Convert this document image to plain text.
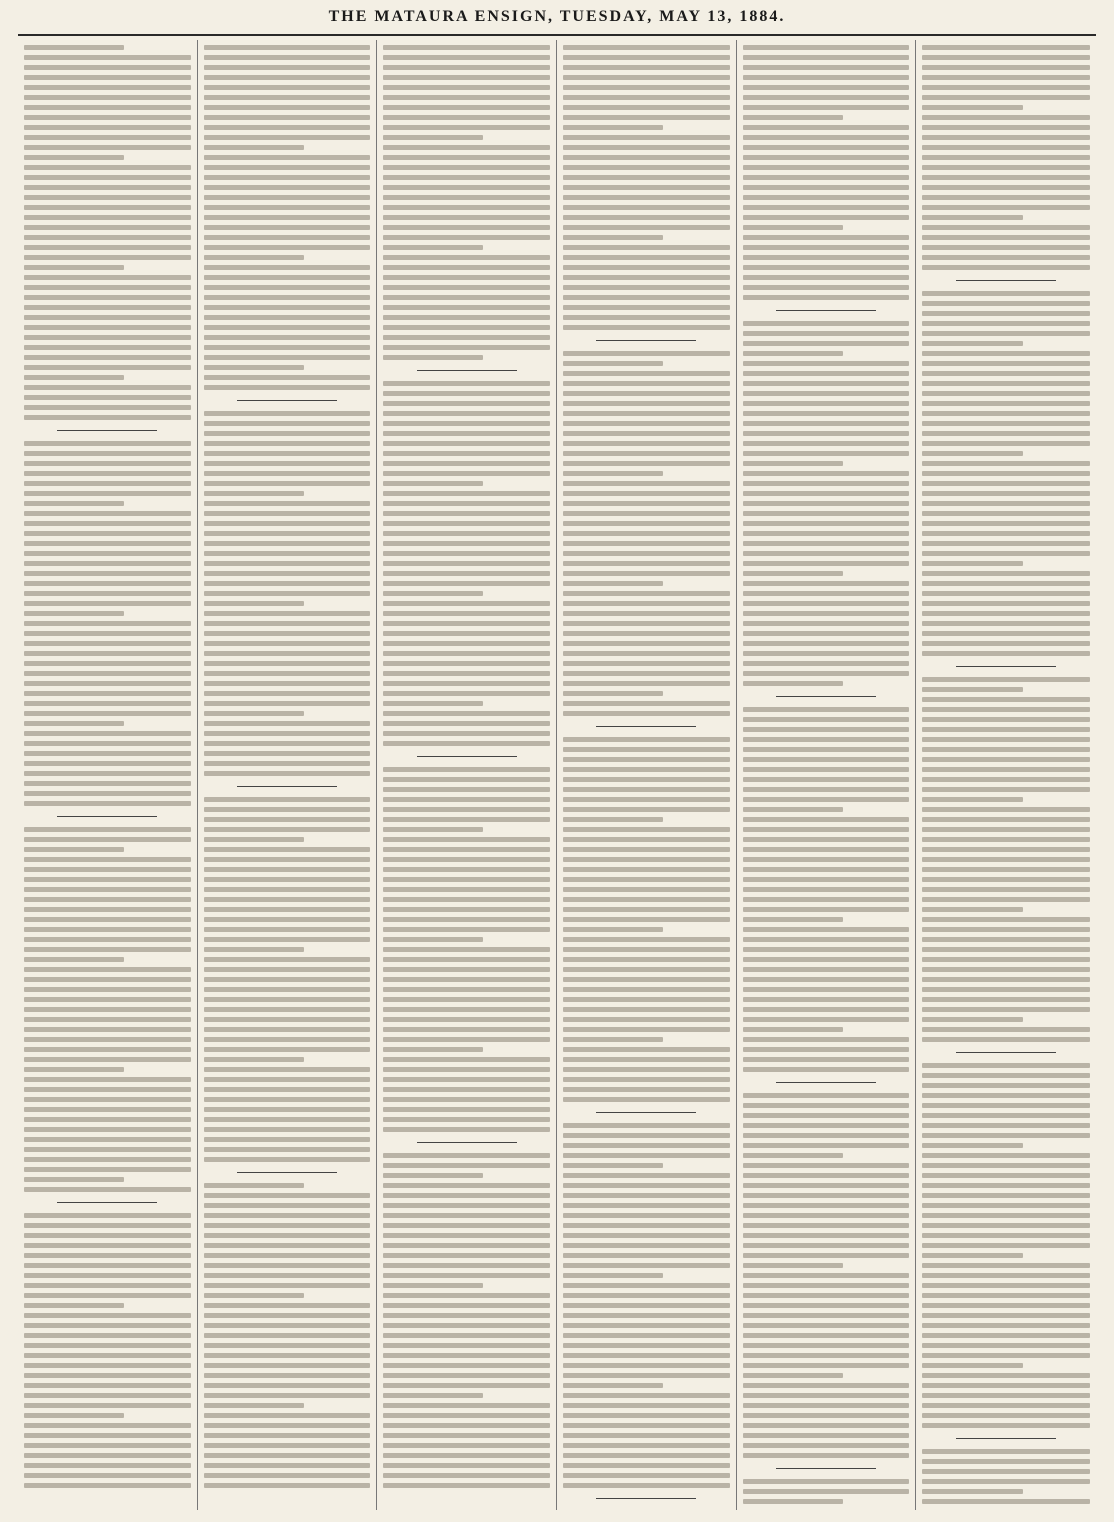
THE MATAURA ENSIGN, TUESDAY, MAY 13, 1884.
